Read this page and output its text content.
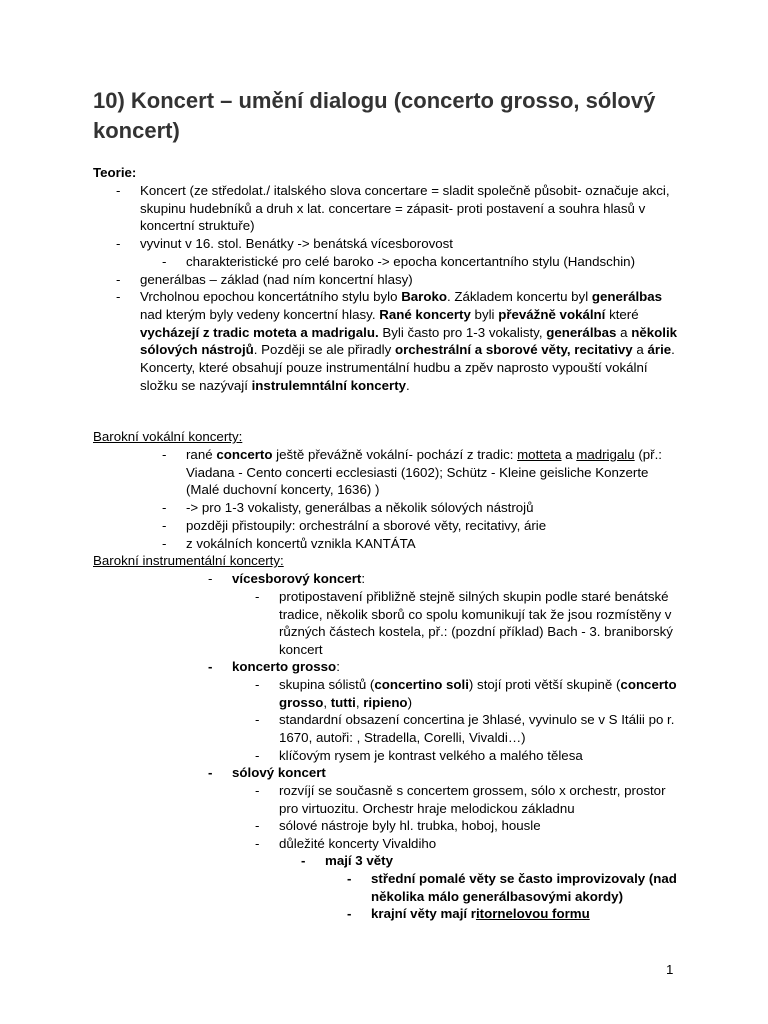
10) Koncert – umění dialogu (concerto grosso, sólový koncert)

Teorie:

- Koncert (ze středolat./ italského slova concertare = sladit společně působit- označuje akci, skupinu hudebníků a druh x lat. concertare = zápasit- proti postavení a souhra hlasů v koncertní struktuře)
- vyvinut v 16. stol. Benátky -> benátská vícesborovost
- charakteristické pro celé baroko -> epocha koncertantního stylu (Handschin)
- generálbas – základ (nad ním koncertní hlasy)
- Vrcholnou epochou koncertátního stylu bylo Baroko. Základem koncertu byl generálbas nad kterým byly vedeny koncertní hlasy. Rané koncerty byli převážně vokální které vycházejí z tradic moteta a madrigalu. Byli často pro 1-3 vokalisty, generálbas a několik sólových nástrojů. Později se ale přiradly orchestrální a sborové věty, recitativy a árie. Koncerty, které obsahují pouze instrumentální hudbu a zpěv naprosto vypouští vokální složku se nazývají instrulemntální koncerty.

Barokní vokální koncerty:

- rané concerto ještě převážně vokální- pochází z tradic: motteta a madrigalu (př.: Viadana - Cento concerti ecclesiasti (1602); Schütz - Kleine geisliche Konzerte (Malé duchovní koncerty, 1636) )
- -> pro 1-3 vokalisty, generálbas a několik sólových nástrojů
- později přistoupily: orchestrální a sborové věty, recitativy, árie
- z vokálních koncertů vznikla KANTÁTA

Barokní instrumentální koncerty:

- vícesborový koncert:
- protipostavení přibližně stejně silných skupin podle staré benátské tradice, několik sborů co spolu komunikují tak že jsou rozmístěny v různých částech kostela, př.: (pozdní příklad) Bach - 3. braniborský koncert
- koncerto grosso:
- skupina sólistů (concertino soli) stojí proti větší skupině (concerto grosso, tutti, ripieno)
- standardní obsazení concertina je 3hlasé, vyvinulo se v S Itálii po r. 1670, autoři: , Stradella, Corelli, Vivaldi…)
- klíčovým rysem je kontrast velkého a malého tělesa
- sólový koncert
- rozvíjí se současně s concertem grossem, sólo x orchestr, prostor pro virtuozitu. Orchestr hraje melodickou základnu
- sólové nástroje byly hl. trubka, hoboj, housle
- důležité koncerty Vivaldiho
- mají 3 věty
- střední pomalé věty se často improvizovaly (nad několika málo generálbasovými akordy)
- krajní věty mají ritornelovou formu
1
